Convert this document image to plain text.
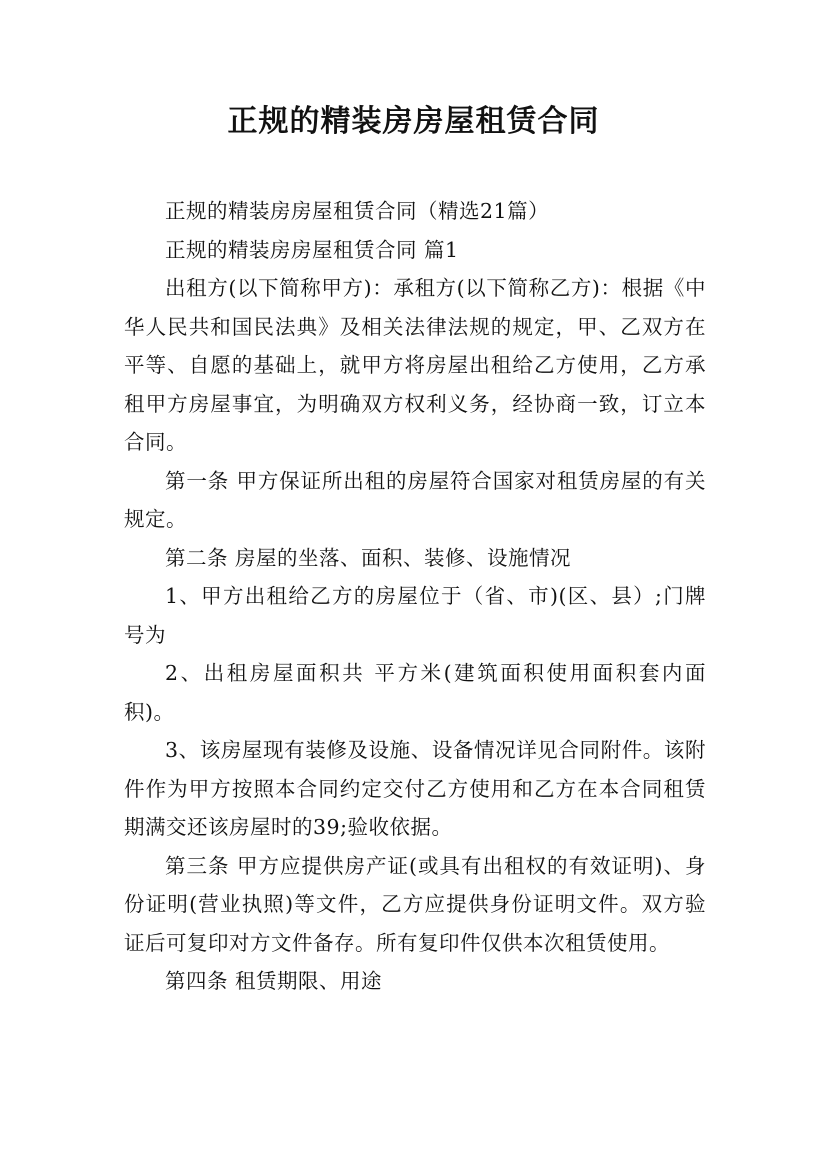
正规的精装房房屋租赁合同

正规的精装房房屋租赁合同（精选21篇）

正规的精装房房屋租赁合同 篇1

出租方(以下简称甲方)：承租方(以下简称乙方)：根据《中华人民共和国民法典》及相关法律法规的规定，甲、乙双方在平等、自愿的基础上，就甲方将房屋出租给乙方使用，乙方承租甲方房屋事宜，为明确双方权利义务，经协商一致，订立本合同。

第一条 甲方保证所出租的房屋符合国家对租赁房屋的有关规定。

第二条 房屋的坐落、面积、装修、设施情况

1、甲方出租给乙方的房屋位于（省、市)(区、县）;门牌号为

2、出租房屋面积共 平方米(建筑面积使用面积套内面积)。

3、该房屋现有装修及设施、设备情况详见合同附件。该附件作为甲方按照本合同约定交付乙方使用和乙方在本合同租赁期满交还该房屋时的39;验收依据。

第三条 甲方应提供房产证(或具有出租权的有效证明)、身份证明(营业执照)等文件，乙方应提供身份证明文件。双方验证后可复印对方文件备存。所有复印件仅供本次租赁使用。

第四条 租赁期限、用途
